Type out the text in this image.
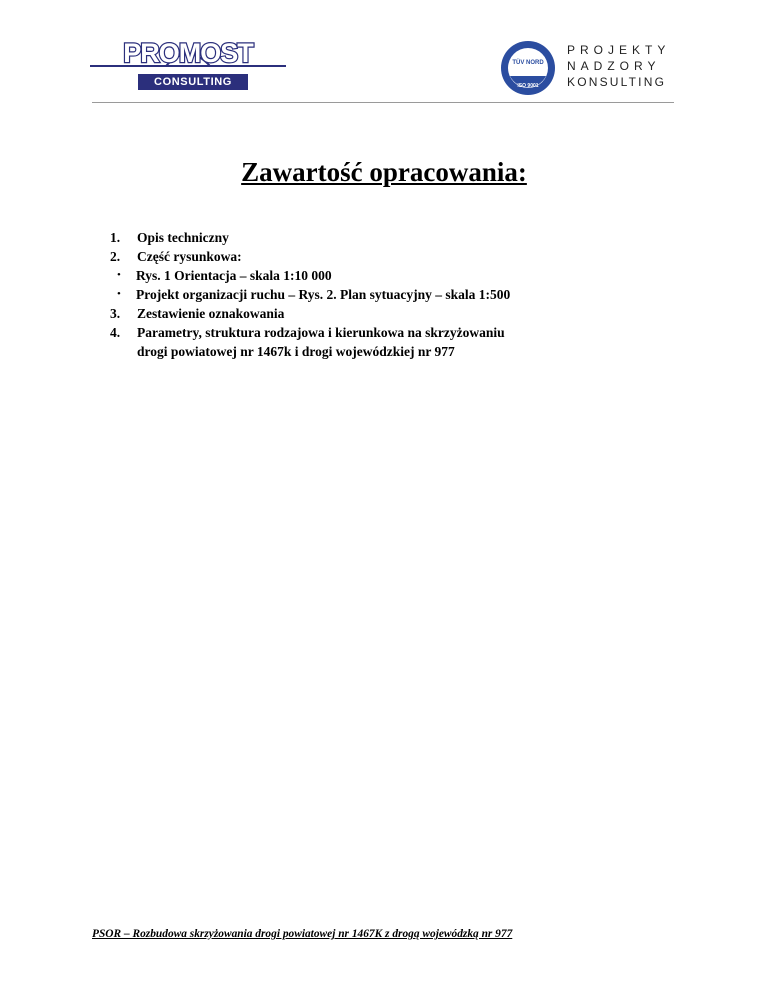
PROMOST
CONSULTING
TÜV NORD
ISO 9001
PROJEKTY
NADZORY
KONSULTING
Zawartość opracowania:
1. Opis techniczny
2. Część rysunkowa:
• Rys. 1 Orientacja – skala 1:10 000
• Projekt organizacji ruchu – Rys. 2. Plan sytuacyjny – skala 1:500
3. Zestawienie oznakowania
4. Parametry, struktura rodzajowa i kierunkowa na skrzyżowaniu
drogi powiatowej nr 1467k i drogi wojewódzkiej nr 977
PSOR – Rozbudowa skrzyżowania drogi powiatowej nr 1467K z drogą wojewódzką nr 977
